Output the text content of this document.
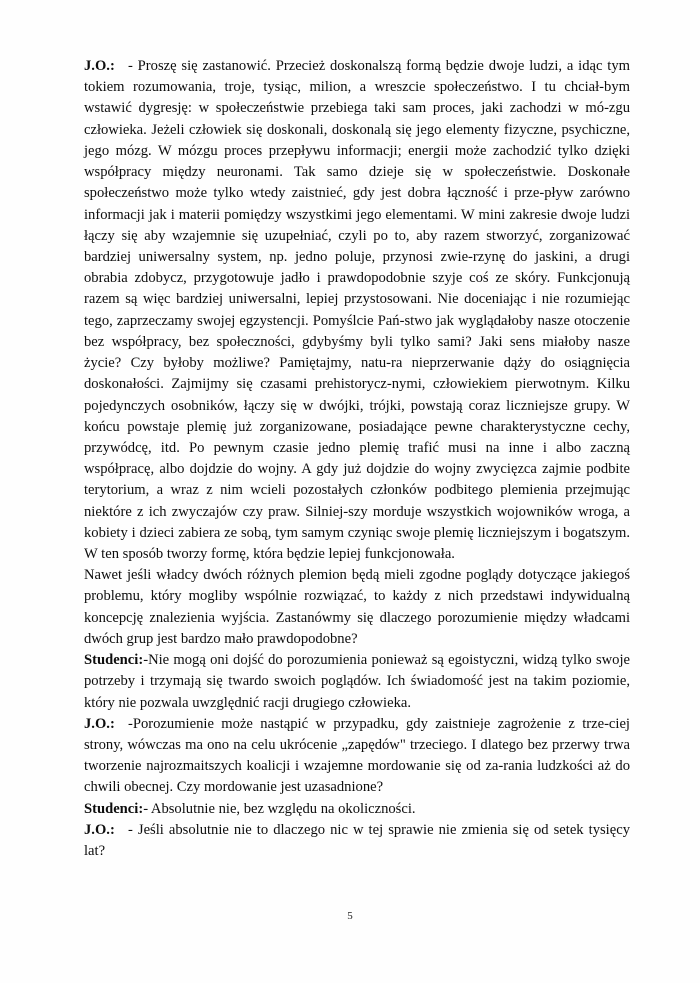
J.O.: - Proszę się zastanowić. Przecież doskonalszą formą będzie dwoje ludzi, a idąc tym tokiem rozumowania, troje, tysiąc, milion, a wreszcie społeczeństwo. I tu chciał-bym wstawić dygresję: w społeczeństwie przebiega taki sam proces, jaki zachodzi w mó-zgu człowieka. Jeżeli człowiek się doskonali, doskonalą się jego elementy fizyczne, psychiczne, jego mózg. W mózgu proces przepływu informacji; energii może zachodzić tylko dzięki współpracy między neuronami. Tak samo dzieje się w społeczeństwie. Doskonałe społeczeństwo może tylko wtedy zaistnieć, gdy jest dobra łączność i prze-pływ zarówno informacji jak i materii pomiędzy wszystkimi jego elementami. W mini zakresie dwoje ludzi łączy się aby wzajemnie się uzupełniać, czyli po to, aby razem stworzyć, zorganizować bardziej uniwersalny system, np. jedno poluje, przynosi zwie-rzynę do jaskini, a drugi obrabia zdobycz, przygotowuje jadło i prawdopodobnie szyje coś ze skóry. Funkcjonują razem są więc bardziej uniwersalni, lepiej przystosowani. Nie doceniając i nie rozumiejąc tego, zaprzeczamy swojej egzystencji. Pomyślcie Pań-stwo jak wyglądałoby nasze otoczenie bez współpracy, bez społeczności, gdybyśmy byli tylko sami? Jaki sens miałoby nasze życie? Czy byłoby możliwe? Pamiętajmy, natu-ra nieprzerwanie dąży do osiągnięcia doskonałości. Zajmijmy się czasami prehistorycz-nymi, człowiekiem pierwotnym. Kilku pojedynczych osobników, łączy się w dwójki, trójki, powstają coraz liczniejsze grupy. W końcu powstaje plemię już zorganizowane, posiadające pewne charakterystyczne cechy, przywódcę, itd. Po pewnym czasie jedno plemię trafić musi na inne i albo zaczną współpracę, albo dojdzie do wojny. A gdy już dojdzie do wojny zwycięzca zajmie podbite terytorium, a wraz z nim wcieli pozostałych członków podbitego plemienia przejmując niektóre z ich zwyczajów czy praw. Silniej-szy morduje wszystkich wojowników wroga, a kobiety i dzieci zabiera ze sobą, tym samym czyniąc swoje plemię liczniejszym i bogatszym. W ten sposób tworzy formę, która będzie lepiej funkcjonowała.

Nawet jeśli władcy dwóch różnych plemion będą mieli zgodne poglądy dotyczące jakiegoś problemu, który mogliby wspólnie rozwiązać, to każdy z nich przedstawi indywidualną koncepcję znalezienia wyjścia. Zastanówmy się dlaczego porozumienie między władcami dwóch grup jest bardzo mało prawdopodobne?

Studenci:-Nie mogą oni dojść do porozumienia ponieważ są egoistyczni, widzą tylko swoje potrzeby i trzymają się twardo swoich poglądów. Ich świadomość jest na takim poziomie, który nie pozwala uwzględnić racji drugiego człowieka.

J.O.: -Porozumienie może nastąpić w przypadku, gdy zaistnieje zagrożenie z trze-ciej strony, wówczas ma ono na celu ukrócenie „zapędów" trzeciego. I dlatego bez przerwy trwa tworzenie najrozmaitszych koalicji i wzajemne mordowanie się od za-rania ludzkości aż do chwili obecnej. Czy mordowanie jest uzasadnione?

Studenci:- Absolutnie nie, bez względu na okoliczności.

J.O.: - Jeśli absolutnie nie to dlaczego nic w tej sprawie nie zmienia się od setek tysięcy lat?

5
